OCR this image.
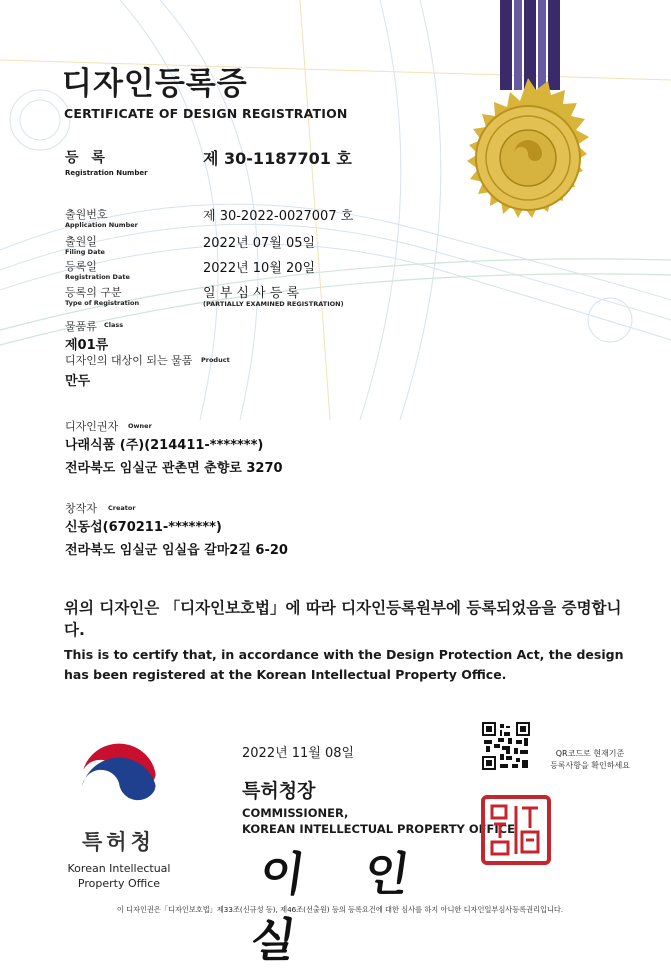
디자인등록증
CERTIFICATE OF DESIGN REGISTRATION
등 록
Registration Number
제 30-1187701 호
출원번호
Application Number
제 30-2022-0027007 호
출원일
Filing Date
2022년 07월 05일
등록일
Registration Date
2022년 10월 20일
등록의 구분
Type of Registration
일 부 심 사 등 록
(PARTIALLY EXAMINED REGISTRATION)
물품류 Class
제01류
디자인의 대상이 되는 물품 Product
만두
디자인권자 Owner
나래식품 (주)(214411-*******)
전라북도 임실군 관촌면 춘향로 3270
창작자 Creator
신동섭(670211-*******)
전라북도 임실군 임실읍 갈마2길 6-20
위의 디자인은 「디자인보호법」에 따라 디자인등록원부에 등록되었음을 증명합니다.
This is to certify that, in accordance with the Design Protection Act, the design has been registered at the Korean Intellectual Property Office.
특허청
Korean Intellectual
Property Office
2022년 11월 08일	QR코드로 현재기준
등록사항을 확인하세요
특허청장
COMMISSIONER,
KOREAN INTELLECTUAL PROPERTY OFFICE
이 인 실
이 디자인권은「디자인보호법」제33조(신규성 등), 제46조(선출원) 등의 등록요건에 대한 심사를 하지 아니한 디자인일부심사등록권리입니다.
